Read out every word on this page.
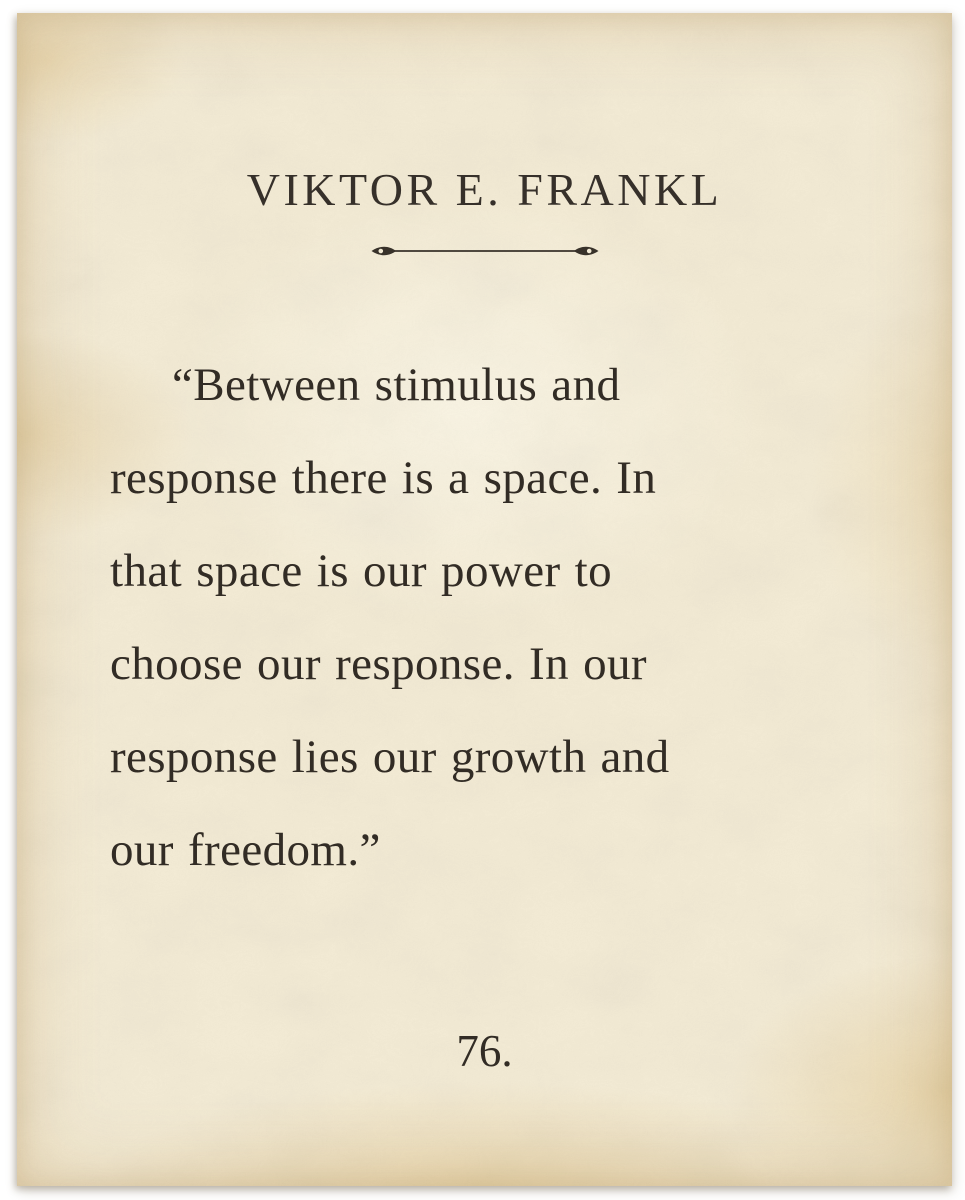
VIKTOR E. FRANKL
“Between stimulus and
response there is a space. In
that space is our power to
choose our response. In our
response lies our growth and
our freedom.”
76.
